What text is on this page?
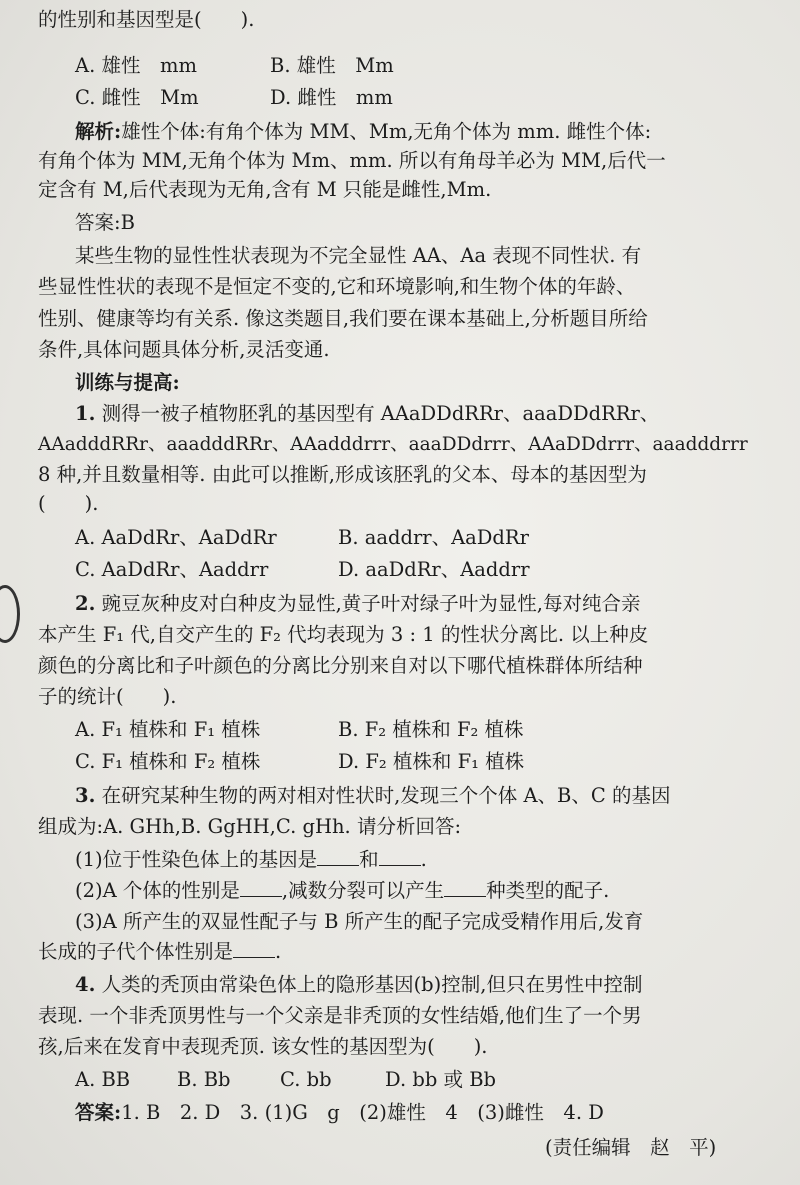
的性别和基因型是(　　).
A. 雄性　mm	B. 雄性　Mm
C. 雌性　Mm	D. 雌性　mm
解析:雄性个体:有角个体为 MM、Mm,无角个体为 mm. 雌性个体:
有角个体为 MM,无角个体为 Mm、mm. 所以有角母羊必为 MM,后代一
定含有 M,后代表现为无角,含有 M 只能是雌性,Mm.
答案:B
某些生物的显性性状表现为不完全显性 AA、Aa 表现不同性状. 有
些显性性状的表现不是恒定不变的,它和环境影响,和生物个体的年龄、
性别、健康等均有关系. 像这类题目,我们要在课本基础上,分析题目所给
条件,具体问题具体分析,灵活变通.
训练与提高:
1. 测得一被子植物胚乳的基因型有 AAaDDdRRr、aaaDDdRRr、
AAadddRRr、aaadddRRr、AAadddrrr、aaaDDdrrr、AAaDDdrrr、aaadddrrr
8 种,并且数量相等. 由此可以推断,形成该胚乳的父本、母本的基因型为
(　　).
A. AaDdRr、AaDdRr	B. aaddrr、AaDdRr
C. AaDdRr、Aaddrr	D. aaDdRr、Aaddrr
2. 豌豆灰种皮对白种皮为显性,黄子叶对绿子叶为显性,每对纯合亲
本产生 F₁ 代,自交产生的 F₂ 代均表现为 3 : 1 的性状分离比. 以上种皮
颜色的分离比和子叶颜色的分离比分别来自对以下哪代植株群体所结种
子的统计(　　).
A. F₁ 植株和 F₁ 植株	B. F₂ 植株和 F₂ 植株
C. F₁ 植株和 F₂ 植株	D. F₂ 植株和 F₁ 植株
3. 在研究某种生物的两对相对性状时,发现三个个体 A、B、C 的基因
组成为:A. GHh,B. GgHH,C. gHh. 请分析回答:
(1)位于性染色体上的基因是 和 .
(2)A 个体的性别是 ,减数分裂可以产生 种类型的配子.
(3)A 所产生的双显性配子与 B 所产生的配子完成受精作用后,发育
长成的子代个体性别是 .
4. 人类的秃顶由常染色体上的隐形基因(b)控制,但只在男性中控制
表现. 一个非秃顶男性与一个父亲是非秃顶的女性结婚,他们生了一个男
孩,后来在发育中表现秃顶. 该女性的基因型为(　　).
A. BB B. Bb	C. bb	D. bb 或 Bb
答案:1. B　2. D　3. (1)G　g　(2)雄性　4　(3)雌性　4. D
(责任编辑　赵　平)
